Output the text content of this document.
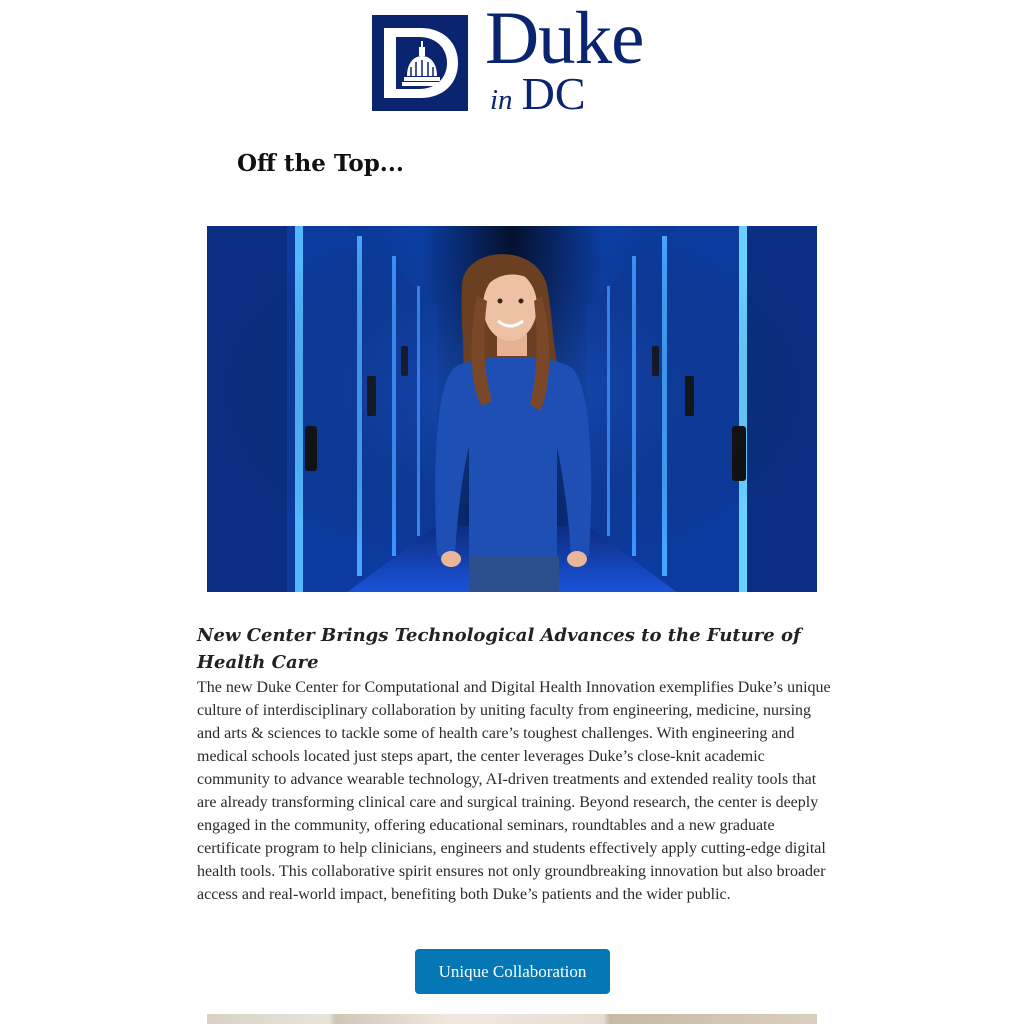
Duke
in DC
Off the Top...
New Center Brings Technological Advances to the Future of Health Care

The new Duke Center for Computational and Digital Health Innovation exemplifies Duke’s unique culture of interdisciplinary collaboration by uniting faculty from engineering, medicine, nursing and arts & sciences to tackle some of health care’s toughest challenges. With engineering and medical schools located just steps apart, the center leverages Duke’s close-knit academic community to advance wearable technology, AI-driven treatments and extended reality tools that are already transforming clinical care and surgical training. Beyond research, the center is deeply engaged in the community, offering educational seminars, roundtables and a new graduate certificate program to help clinicians, engineers and students effectively apply cutting-edge digital health tools. This collaborative spirit ensures not only groundbreaking innovation but also broader access and real-world impact, benefiting both Duke’s patients and the wider public.

Unique Collaboration
